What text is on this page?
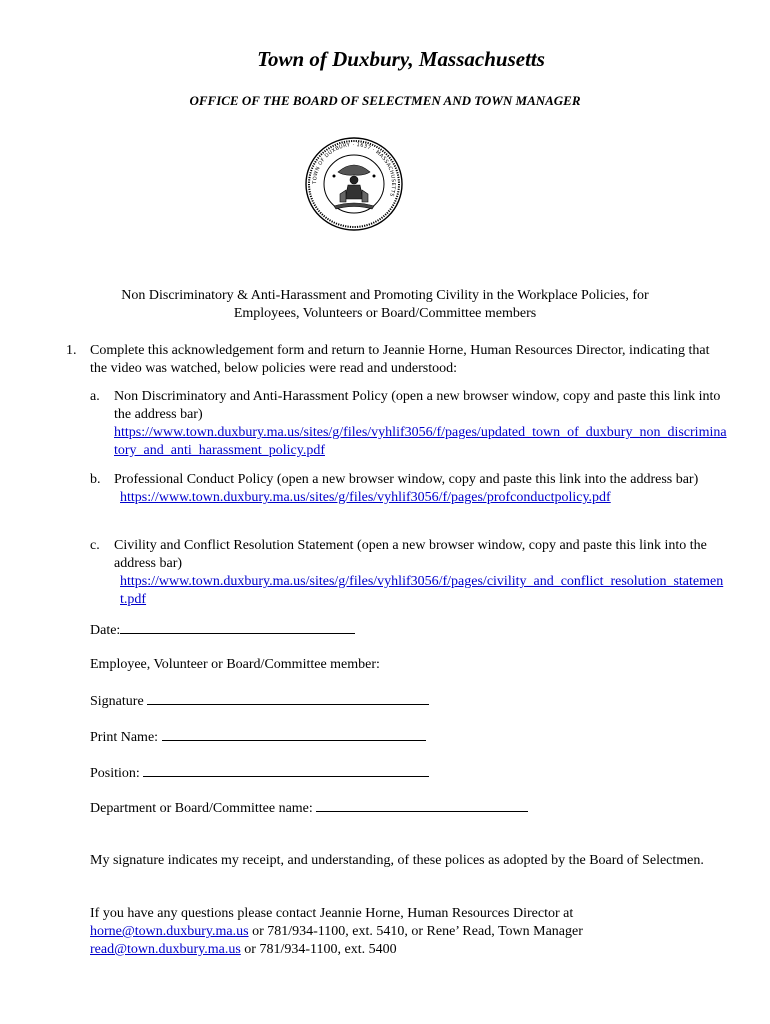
Town of Duxbury, Massachusetts
OFFICE OF THE BOARD OF SELECTMEN AND TOWN MANAGER
TOWN OF DUXBURY · 1637 · MASSACHUSETTS
Non Discriminatory & Anti-Harassment and Promoting Civility in the Workplace Policies, for
Employees, Volunteers or Board/Committee members
1. Complete this acknowledgement form and return to Jeannie Horne, Human Resources Director, indicating that the video was watched, below policies were read and understood:
a. Non Discriminatory and Anti-Harassment Policy (open a new browser window, copy and paste this link into the address bar)
https://www.town.duxbury.ma.us/sites/g/files/vyhlif3056/f/pages/updated_town_of_duxbury_non_discriminatory_and_anti_harassment_policy.pdf
b. Professional Conduct Policy (open a new browser window, copy and paste this link into the address bar)
https://www.town.duxbury.ma.us/sites/g/files/vyhlif3056/f/pages/profconductpolicy.pdf
c. Civility and Conflict Resolution Statement (open a new browser window, copy and paste this link into the address bar)
https://www.town.duxbury.ma.us/sites/g/files/vyhlif3056/f/pages/civility_and_conflict_resolution_statement.pdf
Date:
Employee, Volunteer or Board/Committee member:
Signature
Print Name:
Position:
Department or Board/Committee name:
My signature indicates my receipt, and understanding, of these polices as adopted by the Board of Selectmen.
If you have any questions please contact Jeannie Horne, Human Resources Director at
horne@town.duxbury.ma.us or 781/934-1100, ext. 5410, or Rene’ Read, Town Manager
read@town.duxbury.ma.us or 781/934-1100, ext. 5400
